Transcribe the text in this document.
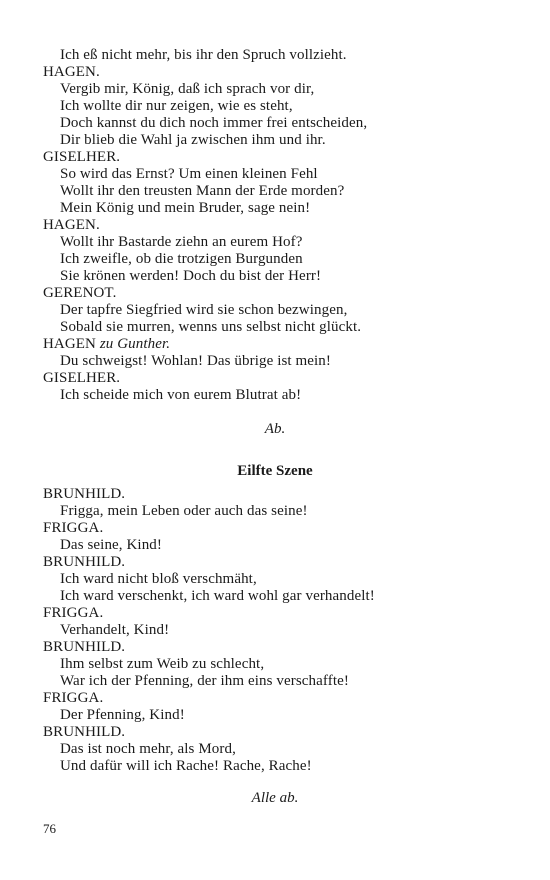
Ich eß nicht mehr, bis ihr den Spruch vollzieht.
HAGEN.
Vergib mir, König, daß ich sprach vor dir,
Ich wollte dir nur zeigen, wie es steht,
Doch kannst du dich noch immer frei entscheiden,
Dir blieb die Wahl ja zwischen ihm und ihr.
GISELHER.
So wird das Ernst? Um einen kleinen Fehl
Wollt ihr den treusten Mann der Erde morden?
Mein König und mein Bruder, sage nein!
HAGEN.
Wollt ihr Bastarde ziehn an eurem Hof?
Ich zweifle, ob die trotzigen Burgunden
Sie krönen werden! Doch du bist der Herr!
GERENOT.
Der tapfre Siegfried wird sie schon bezwingen,
Sobald sie murren, wenns uns selbst nicht glückt.
HAGEN zu Gunther.
Du schweigst! Wohlan! Das übrige ist mein!
GISELHER.
Ich scheide mich von eurem Blutrat ab!
Ab.
Eilfte Szene
BRUNHILD.
Frigga, mein Leben oder auch das seine!
FRIGGA.
Das seine, Kind!
BRUNHILD.
Ich ward nicht bloß verschmäht,
Ich ward verschenkt, ich ward wohl gar verhandelt!
FRIGGA.
Verhandelt, Kind!
BRUNHILD.
Ihm selbst zum Weib zu schlecht,
War ich der Pfenning, der ihm eins verschaffte!
FRIGGA.
Der Pfenning, Kind!
BRUNHILD.
Das ist noch mehr, als Mord,
Und dafür will ich Rache! Rache, Rache!
Alle ab.
76
